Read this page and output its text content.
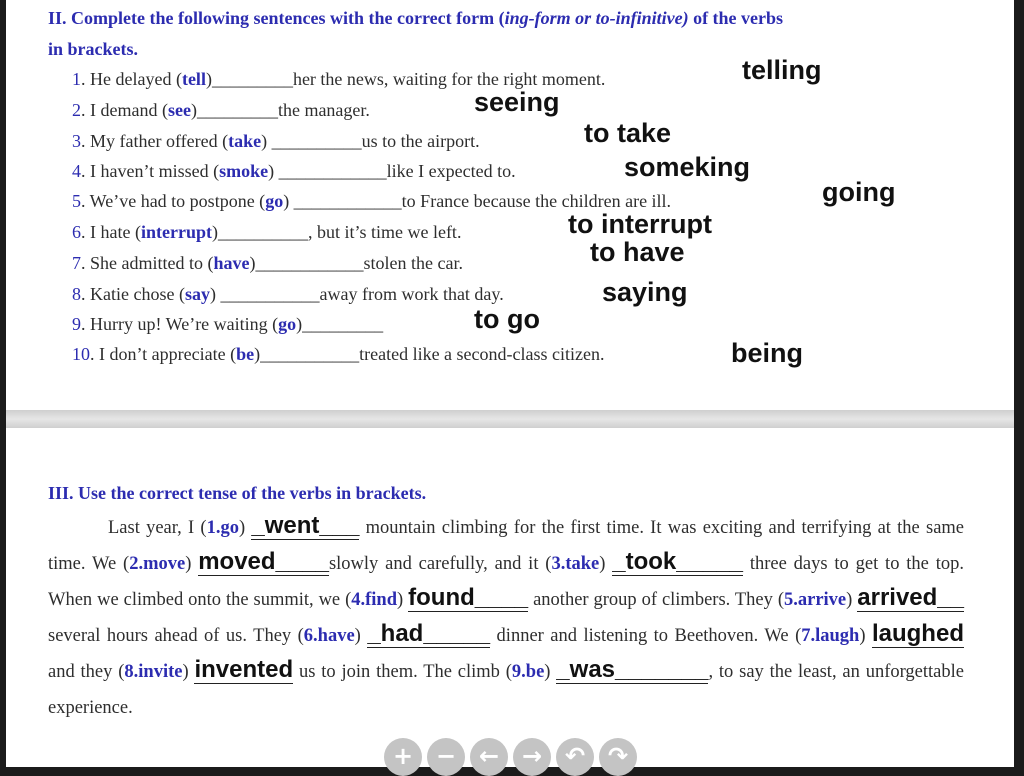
II. Complete the following sentences with the correct form (ing-form or to-infinitive) of the verbs
in brackets.
1. He delayed (tell)_________her the news, waiting for the right moment.
2. I demand (see)_________the manager.
3. My father offered (take) __________us to the airport.
4. I haven’t missed (smoke) ____________like I expected to.
5. We’ve had to postpone (go) ____________to France because the children are ill.
6. I hate (interrupt)__________, but it’s time we left.
7. She admitted to (have)____________stolen the car.
8. Katie chose (say) ___________away from work that day.
9. Hurry up! We’re waiting (go)_________
10. I don’t appreciate (be)___________treated like a second-class citizen.
telling
seeing
to take
someking
going
to interrupt
to have
saying
to go
being
III. Use the correct tense of the verbs in brackets.
Last year, I (1.go) _went___ mountain climbing for the first time. It was exciting and terrifying at the same time. We (2.move) moved____slowly and carefully, and it (3.take) _took_____ three days to get to the top. When we climbed onto the summit, we (4.find) found____ another group of climbers. They (5.arrive) arrived__ several hours ahead of us. They (6.have) _had_____ dinner and listening to Beethoven. We (7.laugh) laughed and they (8.invite) invented us to join them. The climb (9.be) _was_______, to say the least, an unforgettable experience.
+ − ← → ↶ ↷
